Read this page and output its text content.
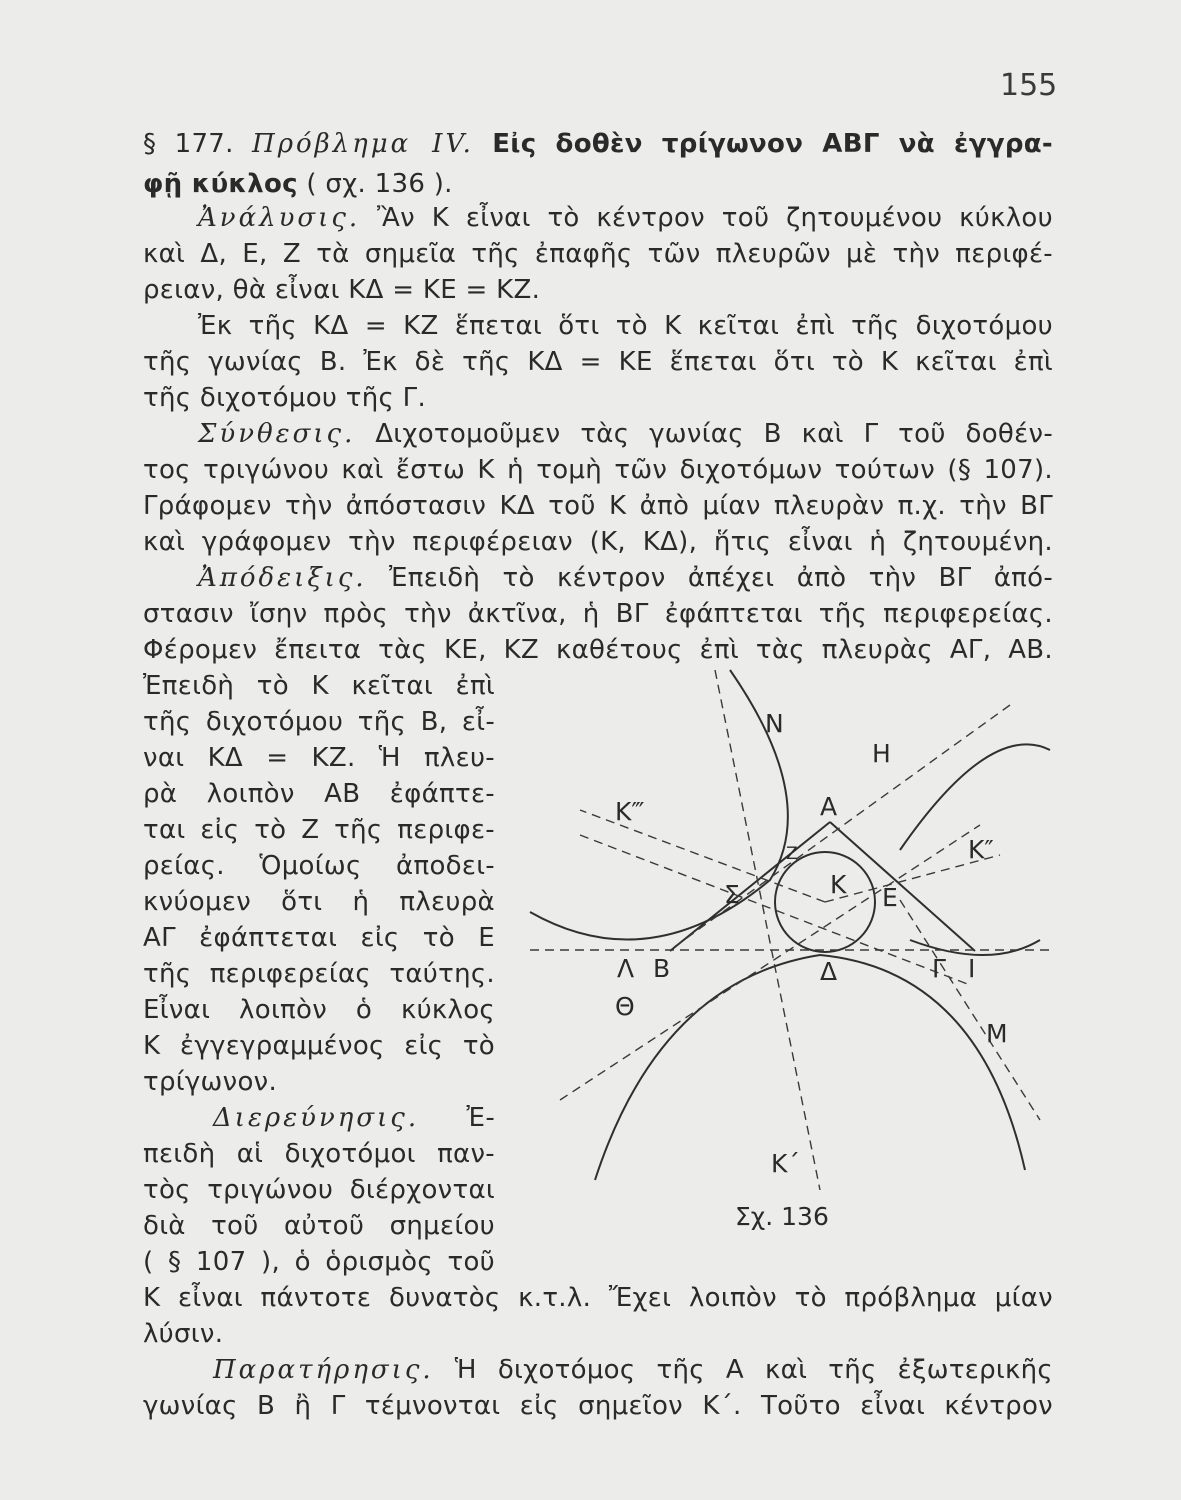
155
§ 177. Πρόβλημα IV. Εἰς δοθὲν τρίγωνον ΑΒΓ νὰ ἐγγρα-
φῇ κύκλος ( σχ. 136 ).
Ἀνάλυσις. Ἂν Κ εἶναι τὸ κέντρον τοῦ ζητουμένου κύκλου
καὶ Δ, Ε, Ζ τὰ σημεῖα τῆς ἐπαφῆς τῶν πλευρῶν μὲ τὴν περιφέ-
ρειαν, θὰ εἶναι ΚΔ = ΚΕ = ΚΖ.
Ἐκ τῆς ΚΔ = ΚΖ ἕπεται ὅτι τὸ Κ κεῖται ἐπὶ τῆς διχοτόμου
τῆς γωνίας Β. Ἐκ δὲ τῆς ΚΔ = ΚΕ ἕπεται ὅτι τὸ Κ κεῖται ἐπὶ
τῆς διχοτόμου τῆς Γ.
Σύνθεσις. Διχοτομοῦμεν τὰς γωνίας Β καὶ Γ τοῦ δοθέν-
τος τριγώνου καὶ ἔστω Κ ἡ τομὴ τῶν διχοτόμων τούτων (§ 107).
Γράφομεν τὴν ἀπόστασιν ΚΔ τοῦ Κ ἀπὸ μίαν πλευρὰν π.χ. τὴν ΒΓ
καὶ γράφομεν τὴν περιφέρειαν (Κ, ΚΔ), ἥτις εἶναι ἡ ζητουμένη.
Ἀπόδειξις. Ἐπειδὴ τὸ κέντρον ἀπέχει ἀπὸ τὴν ΒΓ ἀπό-
στασιν ἴσην πρὸς τὴν ἀκτῖνα, ἡ ΒΓ ἐφάπτεται τῆς περιφερείας.
Φέρομεν ἔπειτα τὰς ΚΕ, ΚΖ καθέτους ἐπὶ τὰς πλευρὰς ΑΓ, ΑΒ.
Ἐπειδὴ τὸ Κ κεῖται ἐπὶ
τῆς διχοτόμου τῆς Β, εἶ-
ναι ΚΔ = ΚΖ. Ἡ πλευ-
ρὰ λοιπὸν ΑΒ ἐφάπτε-
ται εἰς τὸ Ζ τῆς περιφε-
ρείας. Ὁμοίως ἀποδει-
κνύομεν ὅτι ἡ πλευρὰ
ΑΓ ἐφάπτεται εἰς τὸ Ε
τῆς περιφερείας ταύτης.
Εἶναι λοιπὸν ὁ κύκλος
Κ ἐγγεγραμμένος εἰς τὸ
τρίγωνον.
Διερεύνησις. Ἐ-
πειδὴ αἱ διχοτόμοι παν-
τὸς τριγώνου διέρχονται
διὰ τοῦ αὐτοῦ σημείου
( § 107 ), ὁ ὁρισμὸς τοῦ
Κ εἶναι πάντοτε δυνατὸς κ.τ.λ. Ἔχει λοιπὸν τὸ πρόβλημα μίαν
λύσιν.
Παρατήρησις. Ἡ διχοτόμος τῆς Α καὶ τῆς ἐξωτερικῆς
γωνίας Β ἢ Γ τέμνονται εἰς σημεῖον Κ΄. Τοῦτο εἶναι κέντρον
Ν
Η
Α
Κ‴
Κ″
Ζ
Σ	Κ Ε
Λ Β	Δ	Γ Ι
Θ
Μ
Κ΄
Σχ. 136
